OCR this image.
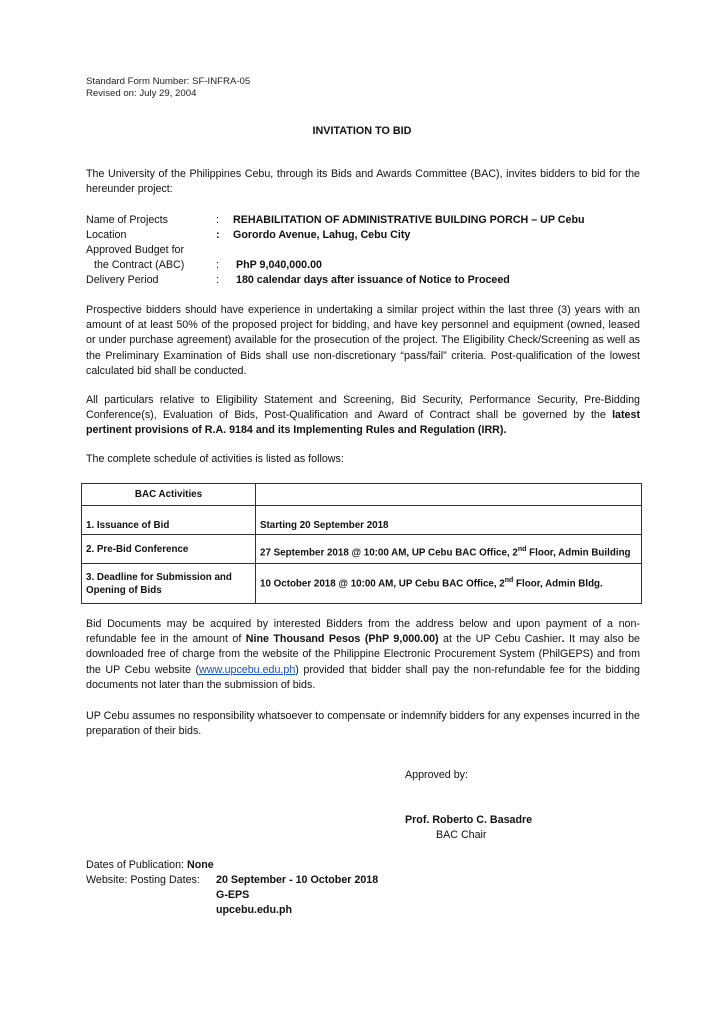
Standard Form Number: SF-INFRA-05
Revised on: July 29, 2004
INVITATION TO BID
The University of the Philippines Cebu, through its Bids and Awards Committee (BAC), invites bidders to bid for the hereunder project:
Name of Projects	: REHABILITATION OF ADMINISTRATIVE BUILDING PORCH – UP Cebu
Location	: Gorordo Avenue, Lahug, Cebu City
Approved Budget for
the Contract (ABC)	: PhP 9,040,000.00
Delivery Period	: 180 calendar days after issuance of Notice to Proceed
Prospective bidders should have experience in undertaking a similar project within the last three (3) years with an amount of at least 50% of the proposed project for bidding, and have key personnel and equipment (owned, leased or under purchase agreement) available for the prosecution of the project. The Eligibility Check/Screening as well as the Preliminary Examination of Bids shall use non-discretionary “pass/fail” criteria. Post-qualification of the lowest calculated bid shall be conducted.
All particulars relative to Eligibility Statement and Screening, Bid Security, Performance Security, Pre-Bidding Conference(s), Evaluation of Bids, Post-Qualification and Award of Contract shall be governed by the latest pertinent provisions of R.A. 9184 and its Implementing Rules and Regulation (IRR).
The complete schedule of activities is listed as follows:
BAC Activities	
1. Issuance of Bid	Starting 20 September 2018
2. Pre-Bid Conference	27 September 2018 @ 10:00 AM, UP Cebu BAC Office, 2nd Floor, Admin Building
3. Deadline for Submission and Opening of Bids	10 October 2018 @ 10:00 AM, UP Cebu BAC Office, 2nd Floor, Admin Bldg.
Bid Documents may be acquired by interested Bidders from the address below and upon payment of a non-refundable fee in the amount of Nine Thousand Pesos (PhP 9,000.00) at the UP Cebu Cashier. It may also be downloaded free of charge from the website of the Philippine Electronic Procurement System (PhilGEPS) and from the UP Cebu website (www.upcebu.edu.ph) provided that bidder shall pay the non-refundable fee for the bidding documents not later than the submission of bids.
UP Cebu assumes no responsibility whatsoever to compensate or indemnify bidders for any expenses incurred in the preparation of their bids.
Approved by:
Prof. Roberto C. Basadre
BAC Chair
Dates of Publication: None
Website: Posting Dates: 20 September - 10 October 2018
G-EPS
upcebu.edu.ph
